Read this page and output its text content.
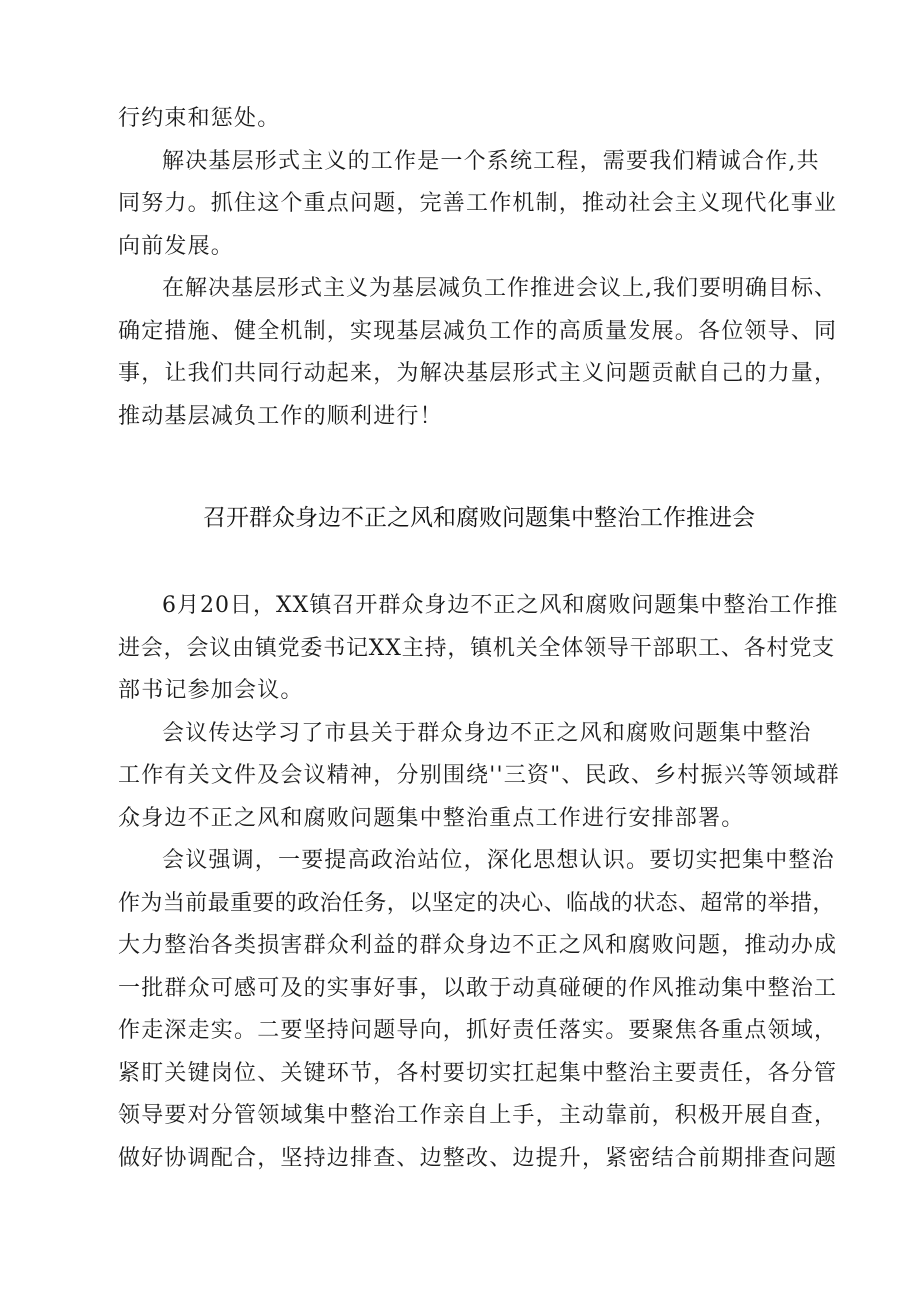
行约束和惩处。
解决基层形式主义的工作是一个系统工程，需要我们精诚合作,共
同努力。抓住这个重点问题，完善工作机制，推动社会主义现代化事业
向前发展。
在解决基层形式主义为基层减负工作推进会议上,我们要明确目标、
确定措施、健全机制，实现基层减负工作的高质量发展。各位领导、同
事，让我们共同行动起来，为解决基层形式主义问题贡献自己的力量，
推动基层减负工作的顺利进行！
召开群众身边不正之风和腐败问题集中整治工作推进会
6月20日，XX镇召开群众身边不正之风和腐败问题集中整治工作推
进会，会议由镇党委书记XX主持，镇机关全体领导干部职工、各村党支
部书记参加会议。
会议传达学习了市县关于群众身边不正之风和腐败问题集中整治
工作有关文件及会议精神，分别围绕''三资"、民政、乡村振兴等领域群
众身边不正之风和腐败问题集中整治重点工作进行安排部署。
会议强调，一要提高政治站位，深化思想认识。要切实把集中整治
作为当前最重要的政治任务，以坚定的决心、临战的状态、超常的举措，
大力整治各类损害群众利益的群众身边不正之风和腐败问题，推动办成
一批群众可感可及的实事好事，以敢于动真碰硬的作风推动集中整治工
作走深走实。二要坚持问题导向，抓好责任落实。要聚焦各重点领域，
紧盯关键岗位、关键环节，各村要切实扛起集中整治主要责任，各分管
领导要对分管领域集中整治工作亲自上手，主动靠前，积极开展自查，
做好协调配合，坚持边排查、边整改、边提升，紧密结合前期排查问题
